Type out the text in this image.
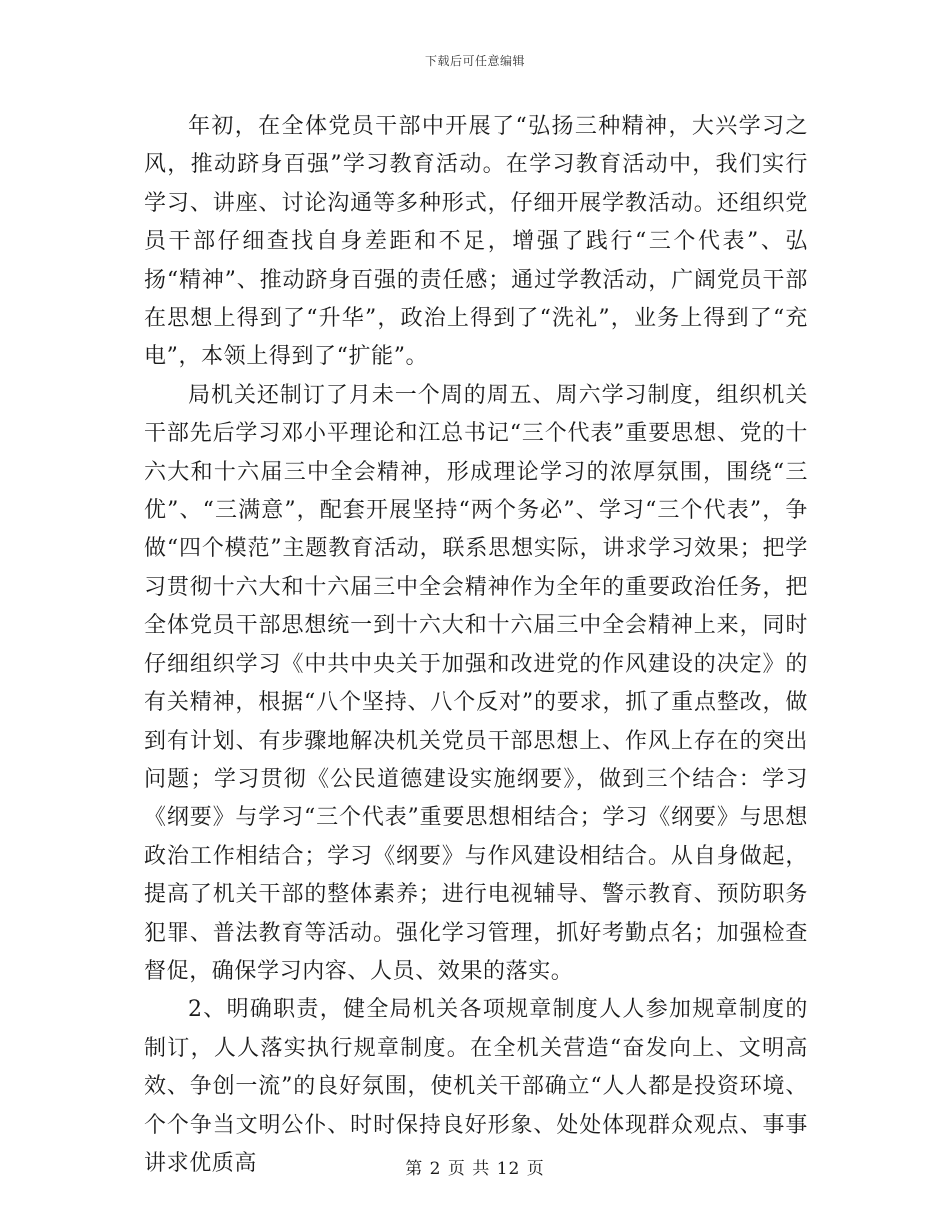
下载后可任意编辑

年初，在全体党员干部中开展了“弘扬三种精神，大兴学习之风，推动跻身百强”学习教育活动。在学习教育活动中，我们实行学习、讲座、讨论沟通等多种形式，仔细开展学教活动。还组织党员干部仔细查找自身差距和不足，增强了践行“三个代表”、弘扬“精神”、推动跻身百强的责任感；通过学教活动，广阔党员干部在思想上得到了“升华”，政治上得到了“洗礼”，业务上得到了“充电”，本领上得到了“扩能”。

局机关还制订了月未一个周的周五、周六学习制度，组织机关干部先后学习邓小平理论和江总书记“三个代表”重要思想、党的十六大和十六届三中全会精神，形成理论学习的浓厚氛围，围绕“三优”、“三满意”，配套开展坚持“两个务必”、学习“三个代表”，争做“四个模范”主题教育活动，联系思想实际，讲求学习效果；把学习贯彻十六大和十六届三中全会精神作为全年的重要政治任务，把全体党员干部思想统一到十六大和十六届三中全会精神上来，同时仔细组织学习《中共中央关于加强和改进党的作风建设的决定》的有关精神，根据“八个坚持、八个反对”的要求，抓了重点整改，做到有计划、有步骤地解决机关党员干部思想上、作风上存在的突出问题；学习贯彻《公民道德建设实施纲要》，做到三个结合：学习《纲要》与学习“三个代表”重要思想相结合；学习《纲要》与思想政治工作相结合；学习《纲要》与作风建设相结合。从自身做起，提高了机关干部的整体素养；进行电视辅导、警示教育、预防职务犯罪、普法教育等活动。强化学习管理，抓好考勤点名；加强检查督促，确保学习内容、人员、效果的落实。

2、明确职责，健全局机关各项规章制度人人参加规章制度的制订，人人落实执行规章制度。在全机关营造“奋发向上、文明高效、争创一流”的良好氛围，使机关干部确立“人人都是投资环境、个个争当文明公仆、时时保持良好形象、处处体现群众观点、事事讲求优质高	第 2 页 共 12 页
